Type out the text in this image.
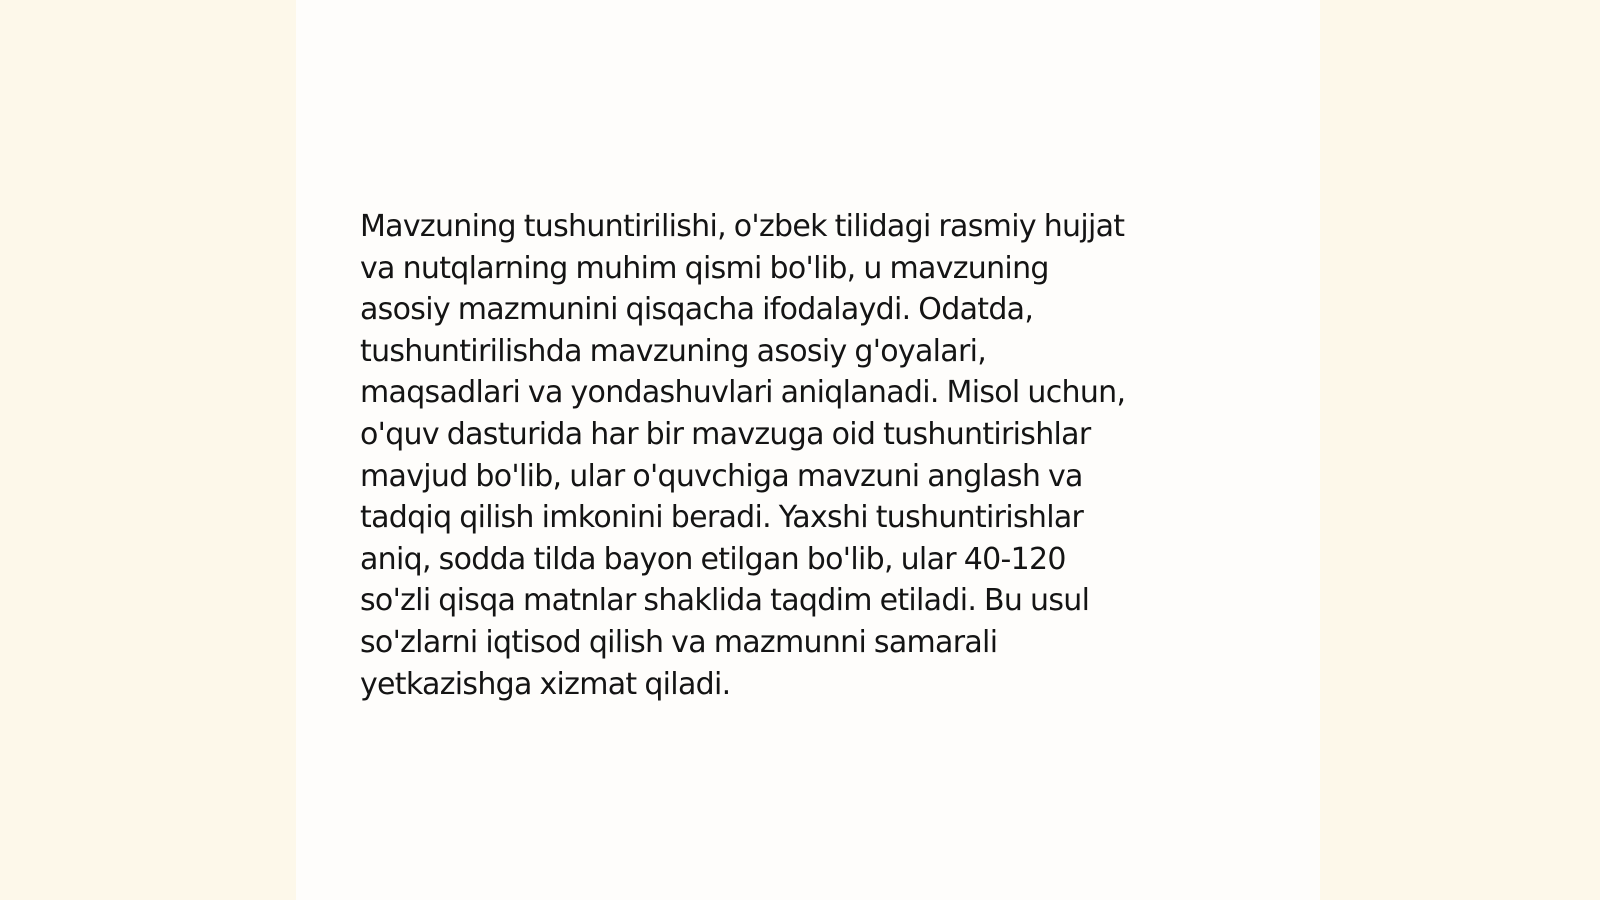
Mavzuning tushuntirilishi, o'zbek tilidagi rasmiy hujjat
va nutqlarning muhim qismi bo'lib, u mavzuning
asosiy mazmunini qisqacha ifodalaydi. Odatda,
tushuntirilishda mavzuning asosiy g'oyalari,
maqsadlari va yondashuvlari aniqlanadi. Misol uchun,
o'quv dasturida har bir mavzuga oid tushuntirishlar
mavjud bo'lib, ular o'quvchiga mavzuni anglash va
tadqiq qilish imkonini beradi. Yaxshi tushuntirishlar
aniq, sodda tilda bayon etilgan bo'lib, ular 40-120
so'zli qisqa matnlar shaklida taqdim etiladi. Bu usul
so'zlarni iqtisod qilish va mazmunni samarali
yetkazishga xizmat qiladi.
